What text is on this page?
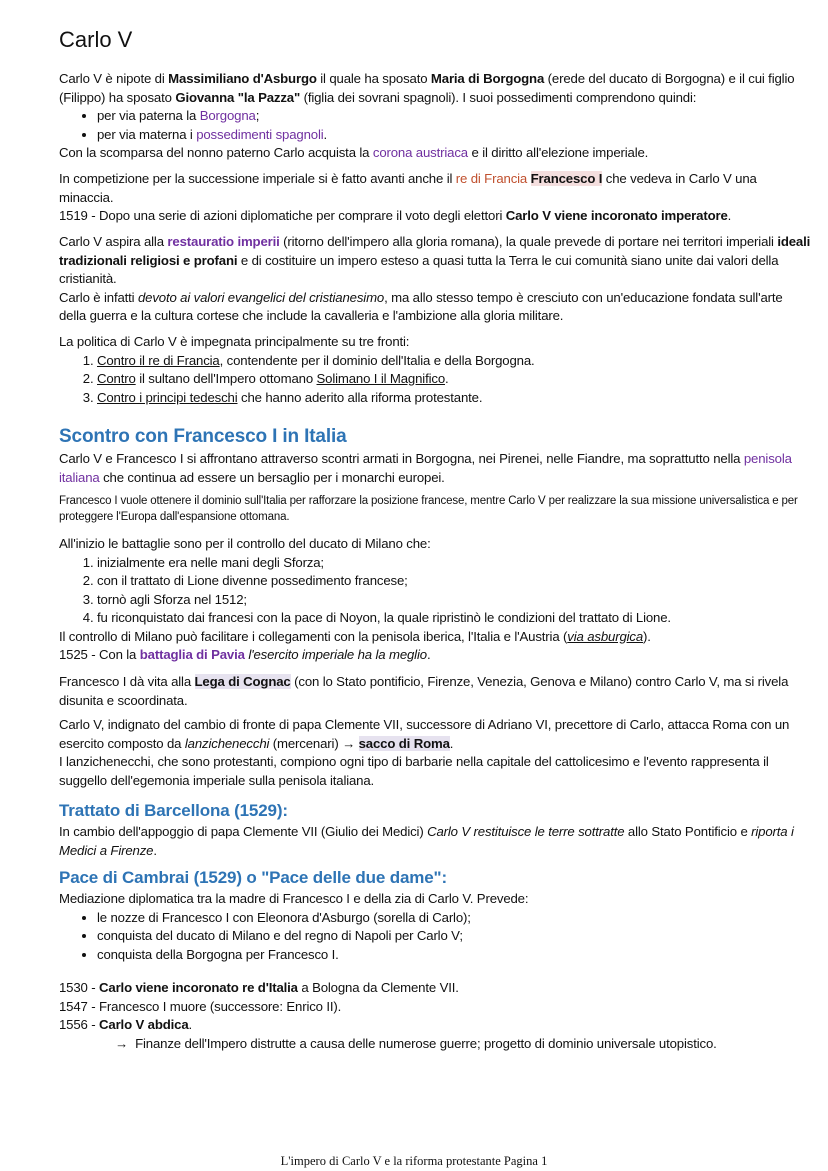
Carlo V

Carlo V è nipote di Massimiliano d'Asburgo il quale ha sposato Maria di Borgogna (erede del ducato di Borgogna) e il cui figlio (Filippo) ha sposato Giovanna "la Pazza" (figlia dei sovrani spagnoli). I suoi possedimenti comprendono quindi:

• per via paterna la Borgogna;
• per via materna i possedimenti spagnoli.

Con la scomparsa del nonno paterno Carlo acquista la corona austriaca e il diritto all'elezione imperiale.

In competizione per la successione imperiale si è fatto avanti anche il re di Francia Francesco I che vedeva in Carlo V una minaccia.

1519 - Dopo una serie di azioni diplomatiche per comprare il voto degli elettori Carlo V viene incoronato imperatore.

Carlo V aspira alla restauratio imperii (ritorno dell'impero alla gloria romana), la quale prevede di portare nei territori imperiali ideali tradizionali religiosi e profani e di costituire un impero esteso a quasi tutta la Terra le cui comunità siano unite dai valori della cristianità.

Carlo è infatti devoto ai valori evangelici del cristianesimo, ma allo stesso tempo è cresciuto con un'educazione fondata sull'arte della guerra e la cultura cortese che include la cavalleria e l'ambizione alla gloria militare.

La politica di Carlo V è impegnata principalmente su tre fronti:

1. Contro il re di Francia, contendente per il dominio dell'Italia e della Borgogna.
2. Contro il sultano dell'Impero ottomano Solimano I il Magnifico.
3. Contro i principi tedeschi che hanno aderito alla riforma protestante.
Scontro con Francesco I in Italia

Carlo V e Francesco I si affrontano attraverso scontri armati in Borgogna, nei Pirenei, nelle Fiandre, ma soprattutto nella penisola italiana che continua ad essere un bersaglio per i monarchi europei.

Francesco I vuole ottenere il dominio sull'Italia per rafforzare la posizione francese, mentre Carlo V per realizzare la sua missione universalistica e per proteggere l'Europa dall'espansione ottomana.

All'inizio le battaglie sono per il controllo del ducato di Milano che:

1. inizialmente era nelle mani degli Sforza;
2. con il trattato di Lione divenne possedimento francese;
3. tornò agli Sforza nel 1512;
4. fu riconquistato dai francesi con la pace di Noyon, la quale ripristinò le condizioni del trattato di Lione.

Il controllo di Milano può facilitare i collegamenti con la penisola iberica, l'Italia e l'Austria (via asburgica).

1525 - Con la battaglia di Pavia l'esercito imperiale ha la meglio.

Francesco I dà vita alla Lega di Cognac (con lo Stato pontificio, Firenze, Venezia, Genova e Milano) contro Carlo V, ma si rivela disunita e scoordinata.

Carlo V, indignato del cambio di fronte di papa Clemente VII, successore di Adriano VI, precettore di Carlo, attacca Roma con un esercito composto da lanzichenecchi (mercenari) → sacco di Roma.

I lanzichenecchi, che sono protestanti, compiono ogni tipo di barbarie nella capitale del cattolicesimo e l'evento rappresenta il suggello dell'egemonia imperiale sulla penisola italiana.

Trattato di Barcellona (1529):

In cambio dell'appoggio di papa Clemente VII (Giulio dei Medici) Carlo V restituisce le terre sottratte allo Stato Pontificio e riporta i Medici a Firenze.

Pace di Cambrai (1529) o "Pace delle due dame":

Mediazione diplomatica tra la madre di Francesco I e della zia di Carlo V. Prevede:

• le nozze di Francesco I con Eleonora d'Asburgo (sorella di Carlo);
• conquista del ducato di Milano e del regno di Napoli per Carlo V;
• conquista della Borgogna per Francesco I.

1530 - Carlo viene incoronato re d'Italia a Bologna da Clemente VII.

1547 - Francesco I muore (successore: Enrico II).

1556 - Carlo V abdica.

→ Finanze dell'Impero distrutte a causa delle numerose guerre; progetto di dominio universale utopistico.

L'impero di Carlo V e la riforma protestante Pagina 1
